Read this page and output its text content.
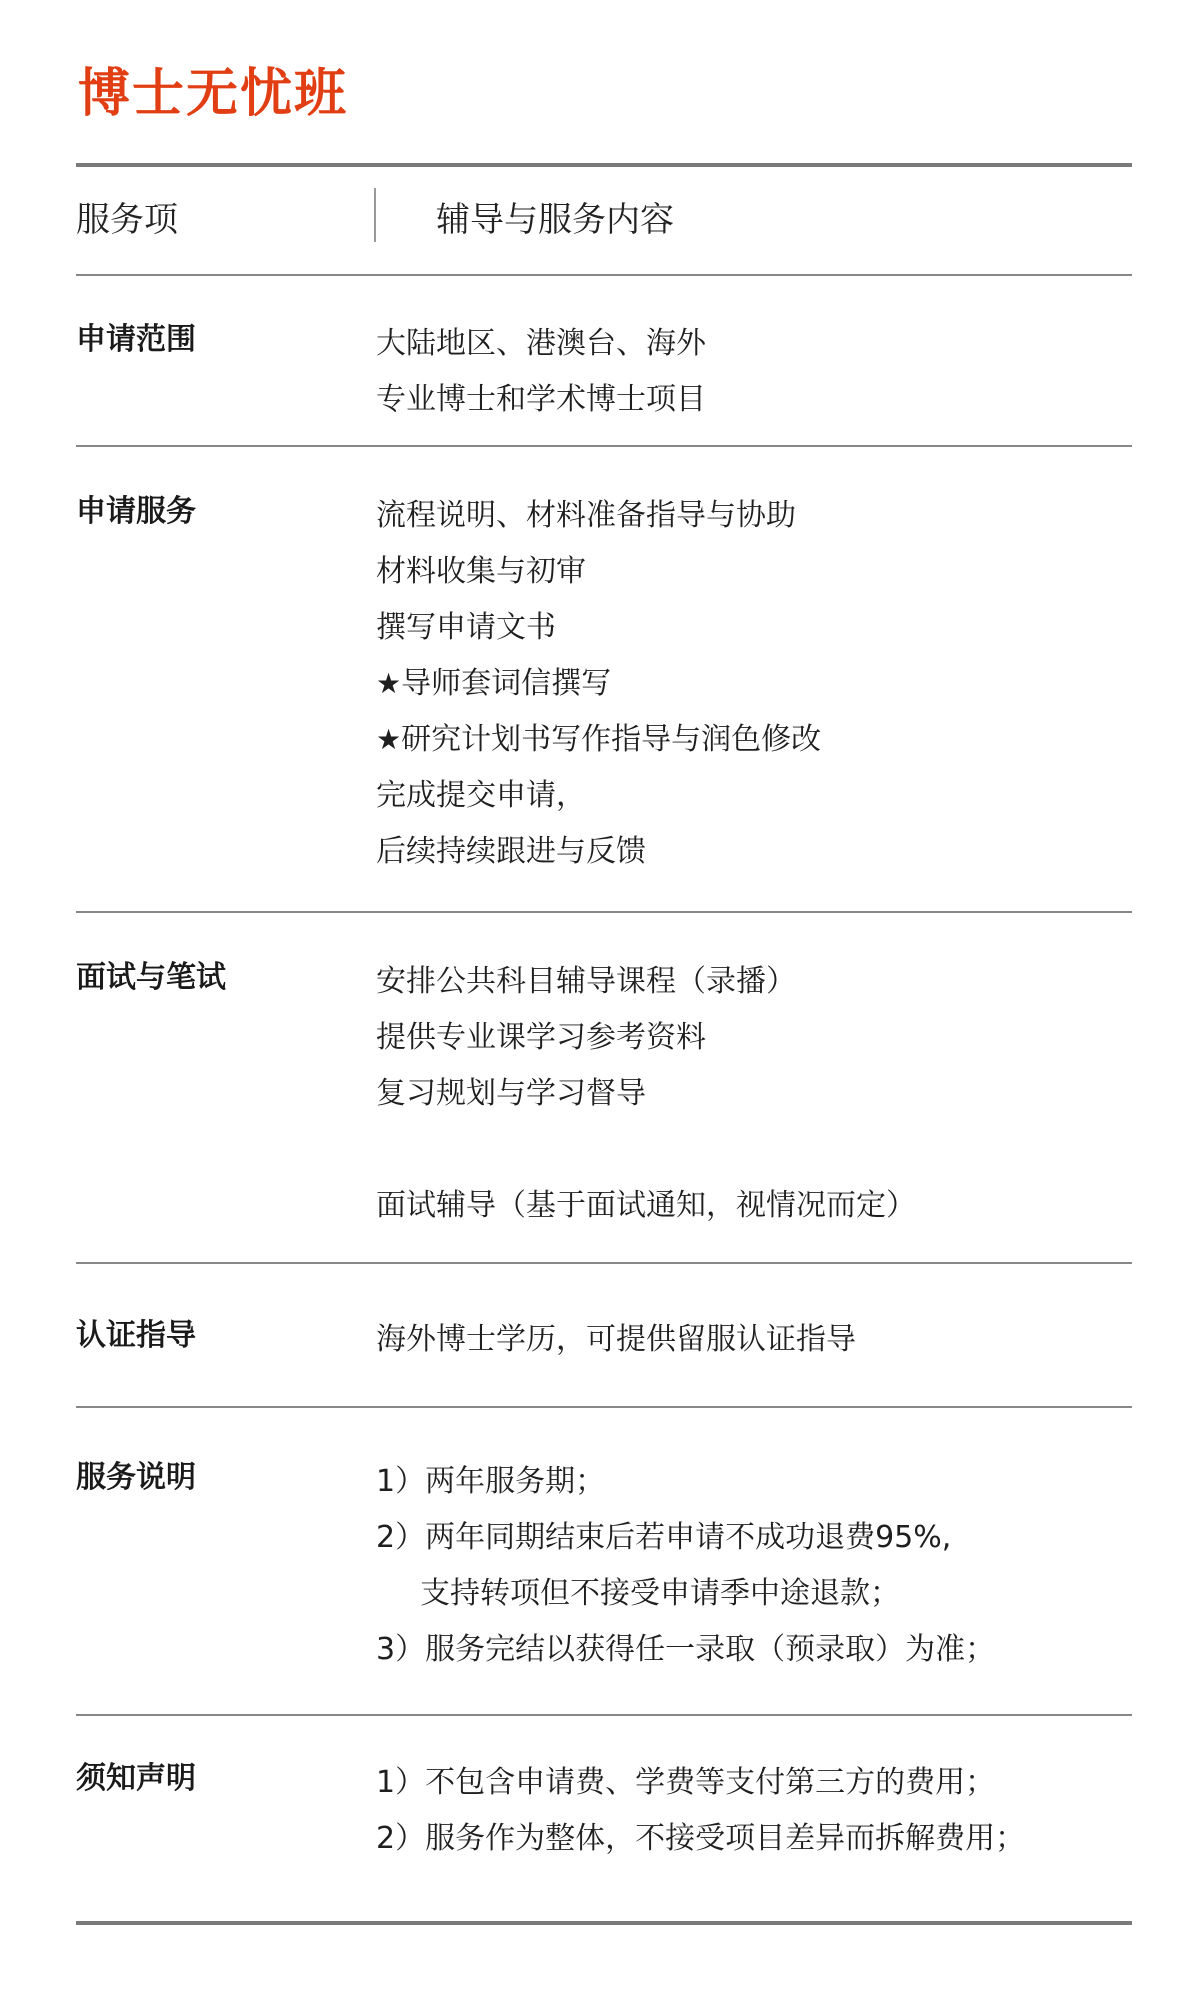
博士无忧班
服务项	辅导与服务内容
申请范围	大陆地区、港澳台、海外
专业博士和学术博士项目
申请服务	流程说明、材料准备指导与协助
材料收集与初审
撰写申请文书
★导师套词信撰写
★研究计划书写作指导与润色修改
完成提交申请，
后续持续跟进与反馈
面试与笔试	安排公共科目辅导课程（录播）
提供专业课学习参考资料
复习规划与学习督导
面试辅导（基于面试通知，视情况而定）
认证指导	海外博士学历，可提供留服认证指导
服务说明	1）两年服务期；
2）两年同期结束后若申请不成功退费95%,
支持转项但不接受申请季中途退款；
3）服务完结以获得任一录取（预录取）为准；
须知声明	1）不包含申请费、学费等支付第三方的费用；
2）服务作为整体，不接受项目差异而拆解费用；
